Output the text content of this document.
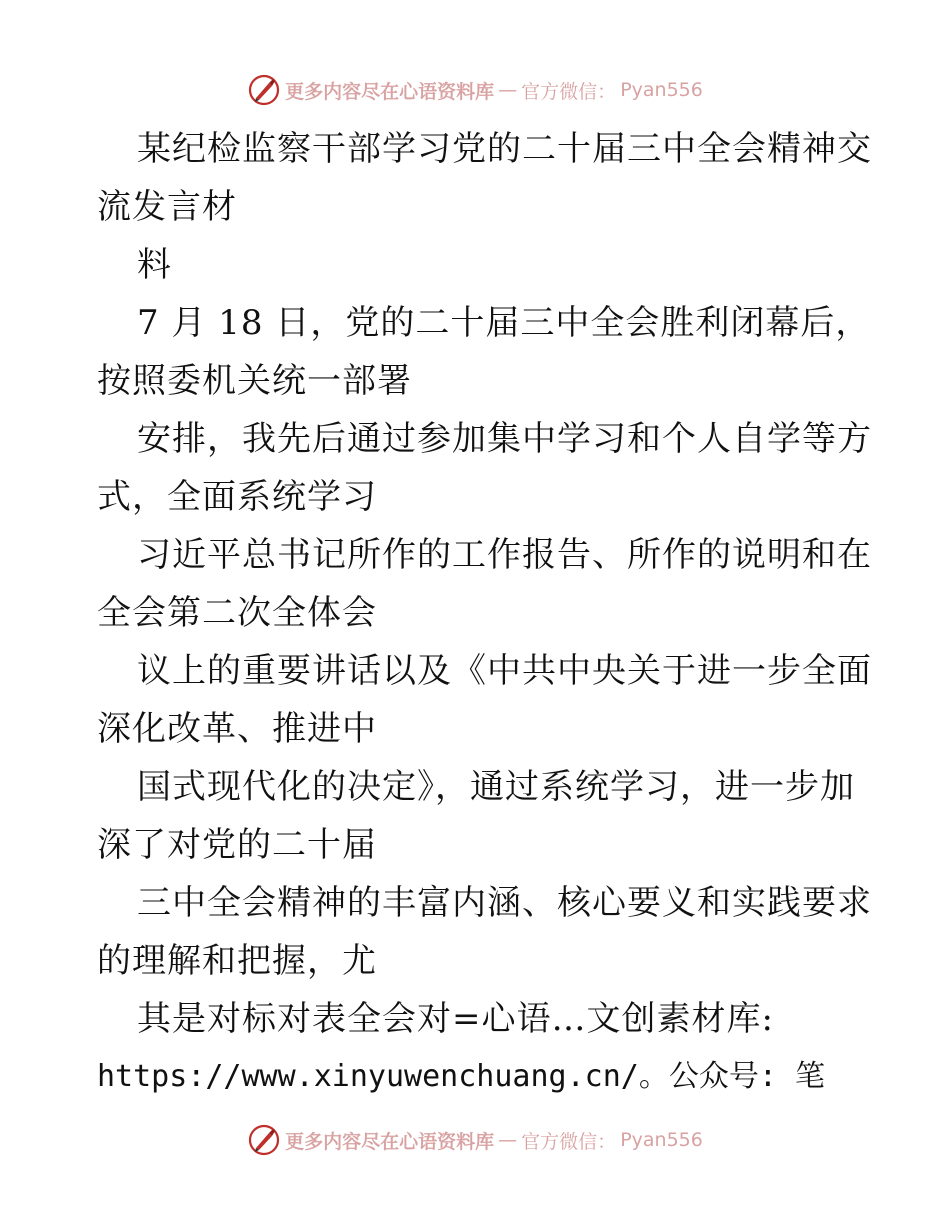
更多内容尽在心语资料库 — 官方微信： Pyan556
某纪检监察干部学习党的二十届三中全会精神交
流发言材
料
7 月 18 日，党的二十届三中全会胜利闭幕后，
按照委机关统一部署
安排，我先后通过参加集中学习和个人自学等方
式，全面系统学习
习近平总书记所作的工作报告、所作的说明和在
全会第二次全体会
议上的重要讲话以及《中共中央关于进一步全面
深化改革、推进中
国式现代化的决定》，通过系统学习，进一步加
深了对党的二十届
三中全会精神的丰富内涵、核心要义和实践要求
的理解和把握，尤
其是对标对表全会对=心语…文创素材库:
https://www.xinyuwenchuang.cn/。公众号: 笔
更多内容尽在心语资料库 — 官方微信： Pyan556
